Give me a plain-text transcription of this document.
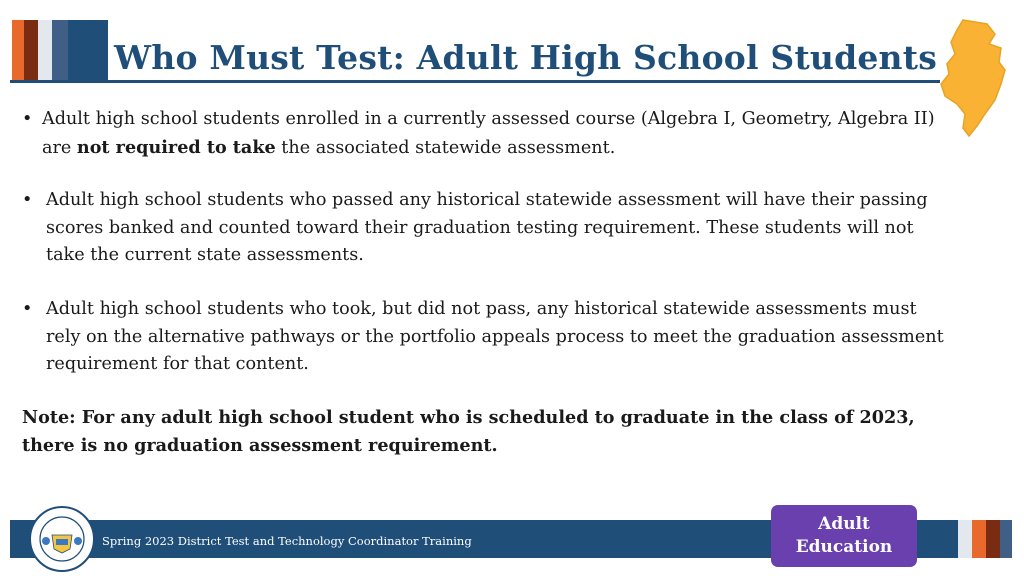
Who Must Test: Adult High School Students
• Adult high school students enrolled in a currently assessed course (Algebra I, Geometry, Algebra II) are not required to take the associated statewide assessment.
• Adult high school students who passed any historical statewide assessment will have their passing scores banked and counted toward their graduation testing requirement. These students will not take the current state assessments.
• Adult high school students who took, but did not pass, any historical statewide assessments must rely on the alternative pathways or the portfolio appeals process to meet the graduation assessment requirement for that content.
Note: For any adult high school student who is scheduled to graduate in the class of 2023, there is no graduation assessment requirement.
Spring 2023 District Test and Technology Coordinator Training
Adult
Education
